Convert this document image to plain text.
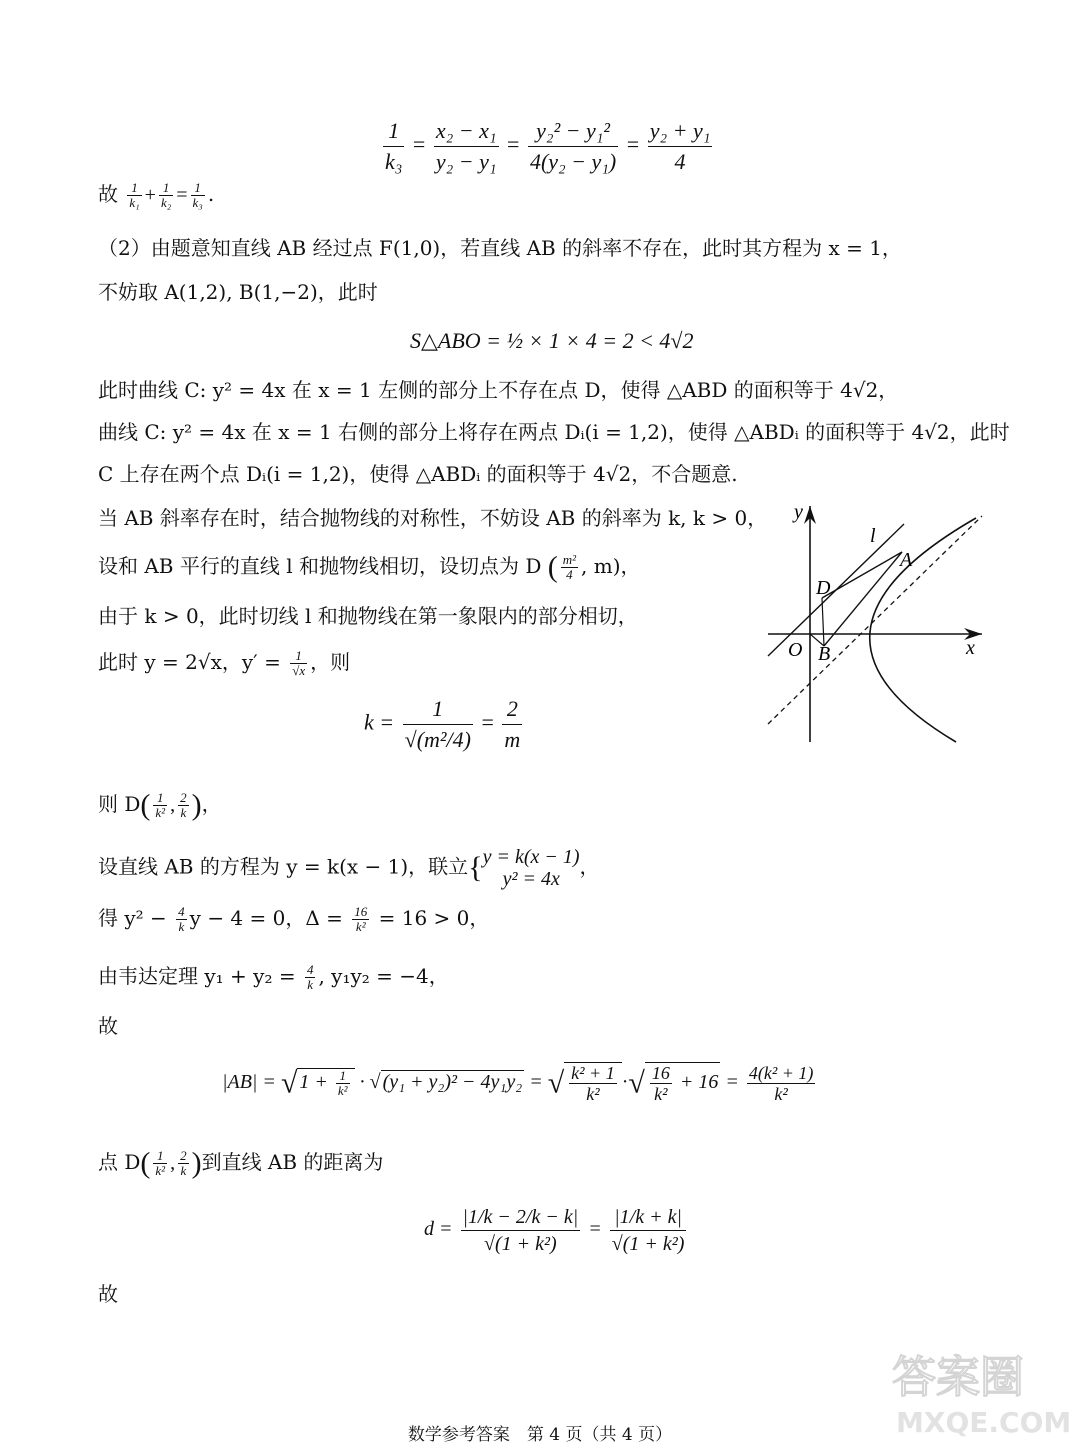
$\frac{1}{\text{k₃}} = \frac{\text{x₂ − x₁}}{\text{y₂ − y₁}} = \frac{\text{y₂² − y₁²}}{\text{4(y₂ − y₁)}} = \frac{\text{y₂ + y₁}}{4}$
故 $\frac{1}{\text{k₁}} + \frac{1}{\text{k₂}} = \frac{1}{\text{k₃}}$ .
（2）由题意知直线 AB 经过点 F(1,0)，若直线 AB 的斜率不存在，此时其方程为 x = 1，
不妨取 A(1,2), B(1,−2)，此时
S△ABO = ½ × 1 × 4 = 2 < 4√2
此时曲线 C: y² = 4x 在 x = 1 左侧的部分上不存在点 D，使得 △ABD 的面积等于 4√2，
曲线 C: y² = 4x 在 x = 1 右侧的部分上将存在两点 Dᵢ(i = 1,2)，使得 △ABDᵢ 的面积等于 4√2，此时
C 上存在两个点 Dᵢ(i = 1,2)，使得 △ABDᵢ 的面积等于 4√2，不合题意.
当 AB 斜率存在时，结合抛物线的对称性，不妨设 AB 的斜率为 k, k > 0，
设和 AB 平行的直线 l 和抛物线相切，设切点为 D ( $\frac{\text{m²}}{4}$ , m)，
由于 k > 0，此时切线 l 和抛物线在第一象限内的部分相切，
此时 y = 2√x，$y' = \frac{1}{√x}$ ，则
$k = \frac{1}{\text{√(m²/4)}} = \frac{2}{m}$
则 $D( \frac{1}{\text{k²}}$ , $\frac{2}{k}$ )，
设直线 AB 的方程为 y = k(x − 1)，联立{ y = k(x − 1)
y² = 4x
，
得 $y^2 - \frac{4}{k}$ y − 4 = 0，$\Delta = \frac{16}{\text{k²}} = 16 > 0$，
由韦达定理 $y_1 + y_2 = \frac{4}{k}$ , y₁y₂ = −4，
故
|AB| = √ $1 + \frac{1}{\text{k²}}$ · √ (y₁ + y₂)² − 4y₁y₂ = √ $\frac{\text{k² + 1}}{\text{k²}}$ ·√ $\frac{16}{\text{k²}} + 16 = \frac{\text{4(k² + 1)}}{\text{k²}}$
点 $D( \frac{1}{\text{k²}}$ , $\frac{2}{k}$ )到直线 AB 的距离为
$d = \frac{|1/k - 2/k - k|}{\text{√(1 + k²)}} = \frac{|1/k + k|}{\text{√(1 + k²)}}$
故
y
x
l
A
D
O B
答案圈
MXQE.COM
数学参考答案　第 4 页（共 4 页）
